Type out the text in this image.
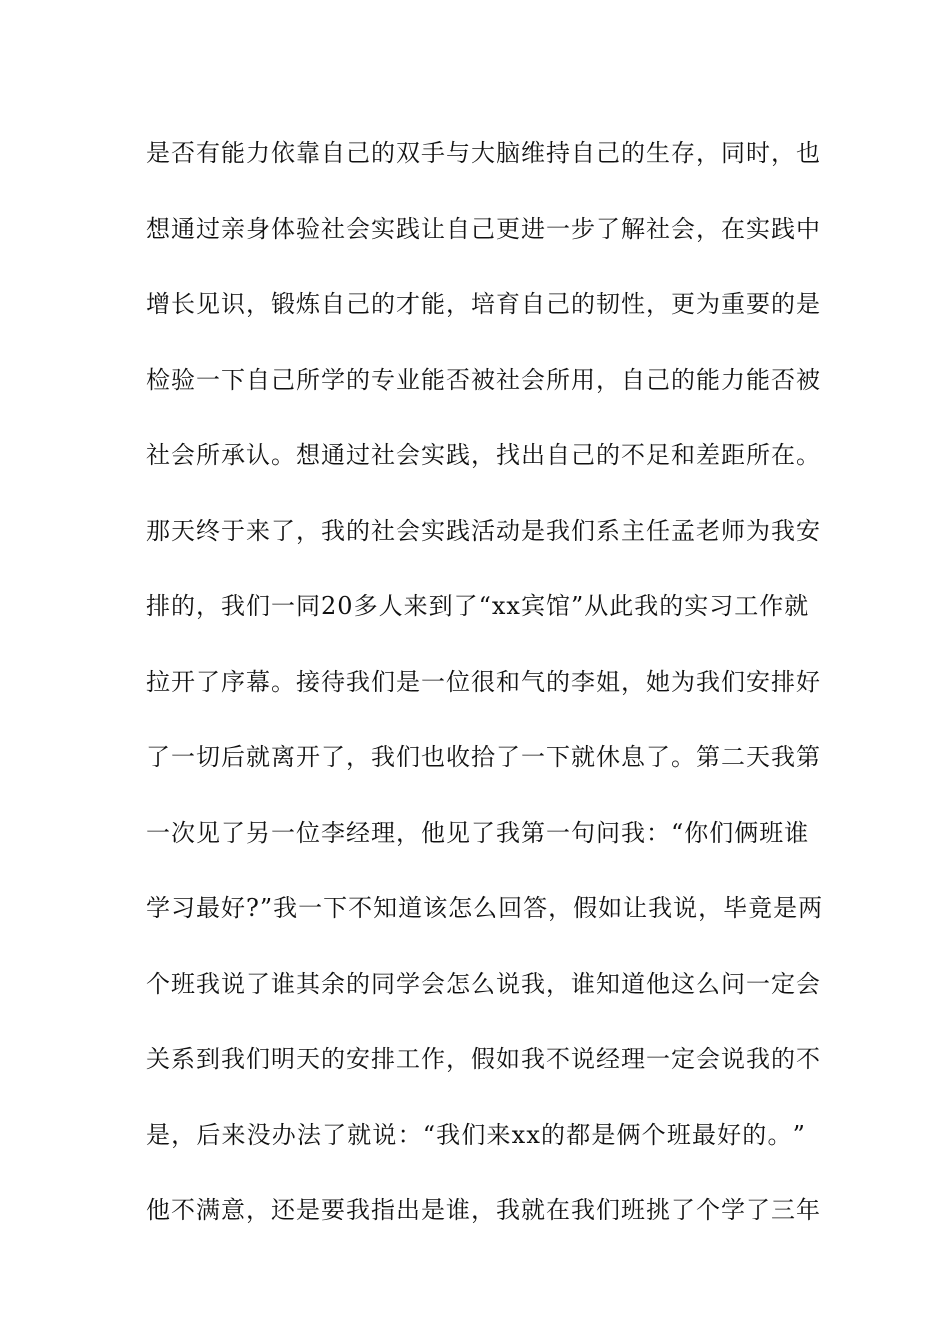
是 否 有 能 力 依 靠 自 己 的 双 手 与 大 脑 维 持 自 己 的 生 存 ， 同 时 ， 也
想 通 过 亲 身 体 验 社 会 实 践 让 自 己 更 进 一 步 了 解 社 会 ， 在 实 践 中
增 长 见 识 ， 锻 炼 自 己 的 才 能 ， 培 育 自 己 的 韧 性 ， 更 为 重 要 的 是
检 验 一 下 自 己 所 学 的 专 业 能 否 被 社 会 所 用 ， 自 己 的 能 力 能 否 被
社会所承认。想通过社会实践，找出自己的不足和差距所在。
那 天 终 于 来 了 ， 我 的 社 会 实 践 活 动 是 我 们 系 主 任 孟 老 师 为 我 安
排 的 ， 我 们 一 同 2 0 多 人 来 到 了 “ x x 宾 馆 ” 从 此 我 的 实 习 工 作 就
拉 开 了 序 幕 。 接 待 我 们 是 一 位 很 和 气 的 李 姐 ， 她 为 我 们 安 排 好
了 一 切 后 就 离 开 了 ， 我 们 也 收 拾 了 一 下 就 休 息 了 。 第 二 天 我 第
一 次 见 了 另 一 位 李 经 理 ， 他 见 了 我 第 一 句 问 我 ： “ 你 们 俩 班 谁
学 习 最 好 ? ” 我 一 下 不 知 道 该 怎 么 回 答 ， 假 如 让 我 说 ， 毕 竟 是 两
个 班 我 说 了 谁 其 余 的 同 学 会 怎 么 说 我 ， 谁 知 道 他 这 么 问 一 定 会
关 系 到 我 们 明 天 的 安 排 工 作 ， 假 如 我 不 说 经 理 一 定 会 说 我 的 不
是 ， 后 来 没 办 法 了 就 说 ： “ 我 们 来 x x 的 都 是 俩 个 班 最 好 的 。 ”
他 不 满 意 ， 还 是 要 我 指 出 是 谁 ， 我 就 在 我 们 班 挑 了 个 学 了 三 年
